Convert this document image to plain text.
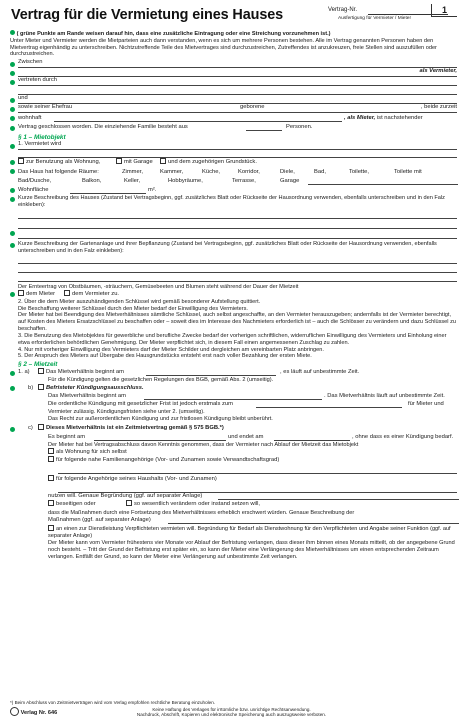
Vertrag für die Vermietung eines Hauses	Vertrag-Nr.
Ausfertigung für Vermieter / Mieter
1

( grüne Punkte am Rande weisen darauf hin, dass eine zusätzliche Eintragung oder eine Streichung vorzunehmen ist.)

Unter Mieter und Vermieter werden die Mietparteien auch dann verstanden, wenn es sich um mehrere Personen bestehen. Alle im Vertrag genannten Personen haben den Mietvertrag eigenhändig zu unterschreiben. Nichtzutreffende Teile des Mietvertrages sind durchzustreichen, Zutreffendes ist anzukreuzen, freie Stellen sind auszufüllen oder durchzustreichen.

Zwischen
als Vermieter,
vertreten durch
und
sowie seiner Ehefrau	geborene	, beide zurzeit
wohnhaft	, als Mieter, ist nachstehender
Vertrag geschlossen worden. Die einziehende Familie besteht aus	Personen.
§ 1 – Mietobjekt
1. Vermietet wird
zur Benutzung als Wohnung,	mit Garage	und dem zugehörigen Grundstück.
Das Haus hat folgende Räume:	Zimmer,	Kammer,	Küche,	Korridor,	Diele,	Bad,	Toilette,	Toilette mit
Bad/Dusche,	Balkon,	Keller,	Hobbyräume,	Terrasse,	Garage
Wohnfläche	m².
Kurze Beschreibung des Hauses (Zustand bei Vertragsbeginn, ggf. zusätzliches Blatt oder Rückseite der Hausordnung verwenden, ebenfalls unterschreiben und in den Falz einkleben):
Kurze Beschreibung der Gartenanlage und ihrer Bepflanzung (Zustand bei Vertragsbeginn, ggf. zusätzliches Blatt oder Rückseite der Hausordnung verwenden, ebenfalls unterschreiben und in den Falz einkleben):
Der Ernteertrag von Obstbäumen, -sträuchern, Gemüsebeeten und Blumen steht während der Dauer der Mietzeit
dem Mieter	dem Vermieter zu.
2. Über die dem Mieter auszuhändigenden Schlüssel wird gemäß besonderer Aufstellung quittiert.
Die Beschaffung weiterer Schlüssel durch den Mieter bedarf der Einwilligung des Vermieters.
Der Mieter hat bei Beendigung des Mietverhältnisses sämtliche Schlüssel, auch selbst angeschaffte, an den Vermieter herauszugeben; andernfalls ist der Vermieter berechtigt, auf Kosten des Mieters Ersatzschlüssel zu beschaffen oder – soweit dies im Interesse des Nachmieters erforderlich ist – auch die Schlösser zu verändern und dazu Schlüssel zu beschaffen.
3. Die Benutzung des Mietobjektes für gewerbliche und berufliche Zwecke bedarf der vorherigen schriftlichen, widerruflichen Einwilligung des Vermieters und Einholung einer etwa erforderlichen behördlichen Genehmigung. Der Mieter verpflichtet sich, in diesem Fall einen angemessenen Zuschlag zu zahlen.
4. Nur mit vorheriger Einwilligung des Vermieters darf der Mieter Schilder und dergleichen am vereinbarten Platz anbringen.
5. Der Anspruch des Mieters auf Übergabe des Hausgrundstücks entsteht erst nach voller Bezahlung der ersten Miete.
§ 2 – Mietzeit
1. a)	Das Mietverhältnis beginnt am	, es läuft auf unbestimmte Zeit.
Für die Kündigung gelten die gesetzlichen Regelungen des BGB, gemäß Abs. 2 (umseitig).
b)	Befristeter Kündigungsausschluss.
Das Mietverhältnis beginnt am	. Das Mietverhältnis läuft auf unbestimmte Zeit.
Die ordentliche Kündigung mit gesetzlicher Frist ist jedoch erstmals zum	für Mieter und
Vermieter zulässig. Kündigungsfristen siehe unter 2. (umseitig).
Das Recht zur außerordentlichen Kündigung und zur fristlosen Kündigung bleibt unberührt.
c)	Dieses Mietverhältnis ist ein Zeitmietvertrag gemäß § 575 BGB.*)
Es beginnt am	und endet am	, ohne dass es einer Kündigung bedarf.
Der Mieter hat bei Vertragsabschluss davon Kenntnis genommen, dass der Vermieter nach Ablauf der Mietzeit das Mietobjekt
als Wohnung für sich selbst
für folgende nahe Familienangehörige (Vor- und Zunamen sowie Verwandtschaftsgrad)
für folgende Angehörige seines Haushalts (Vor- und Zunamen)
nutzen will. Genaue Begründung (ggf. auf separater Anlage)
beseitigen oder	so wesentlich verändern oder instand setzen will,
dass die Maßnahmen durch eine Fortsetzung des Mietverhältnisses erheblich erschwert würden. Genaue Beschreibung der
Maßnahmen (ggf. auf separater Anlage)
an einen zur Dienstleistung Verpflichteten vermieten will. Begründung für Bedarf als Dienstwohnung für den Verpflichteten und Angabe seiner Funktion (ggf. auf separater Anlage)
Der Mieter kann vom Vermieter frühestens vier Monate vor Ablauf der Befristung verlangen, dass dieser ihm binnen eines Monats mitteilt, ob der angegebene Grund noch besteht. – Tritt der Grund der Befristung erst später ein, so kann der Mieter eine Verlängerung des Mietverhältnisses um einen entsprechenden Zeitraum verlangen. Entfällt der Grund, so kann der Mieter eine Verlängerung auf unbestimmte Zeit verlangen.
*) Beim Abschluss von Zeitmietverträgen wird vom Verlag empfohlen rechtliche Beratung einzuholen.
Verlag Nr. 646
Keine Haftung des Verlages für irrtümliche bzw. unrichtige Rechtsanwendung.
Nachdruck, Abschrift, Kopieren und elektronische Speicherung auch auszugsweise verboten.
